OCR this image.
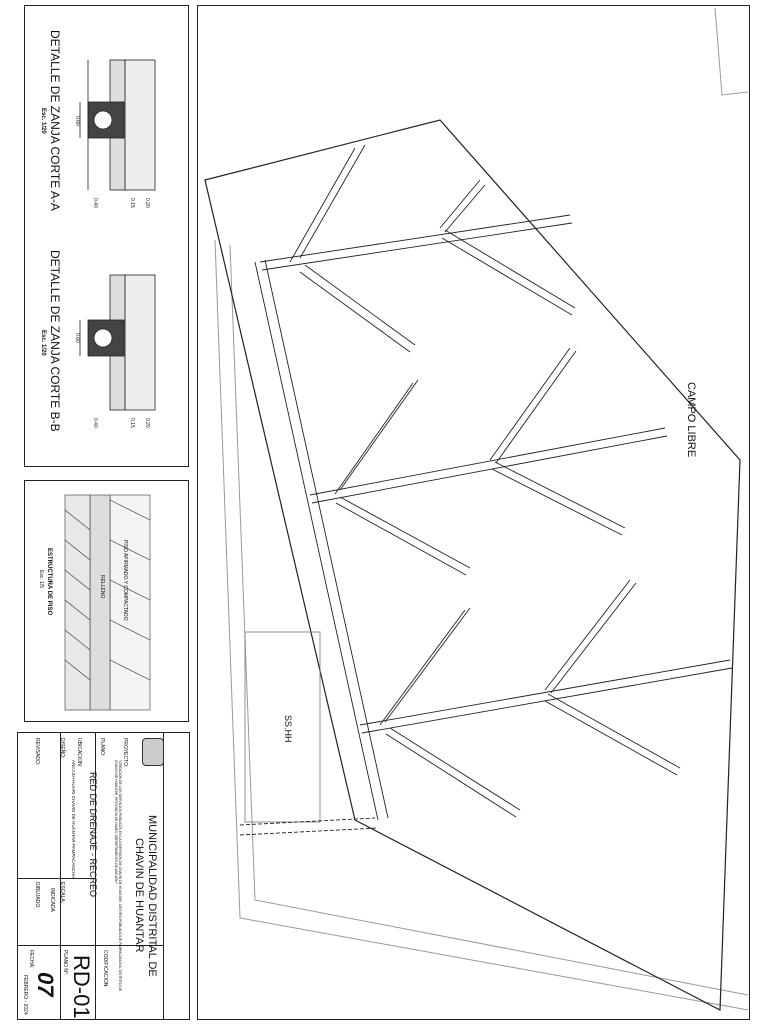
DETALLE DE ZANJA CORTE A-A
Esc. 1/20
DETALLE DE ZANJA CORTE B-B
Esc. 1/20
0.40	0.15 0.20
0.60
0.40	0.15 0.20
0.60
ESTRUCTURA DE PISO
Esc. 1/5	PISO AFIRMADO Y COMPACTADO
RELLENO
CAMPO LIBRE
SS.HH
MUNICIPALIDAD DISTRITAL DE
CHAVIN DE HUANTAR
PROYECTO:
"CREACION DE LOS SERVICIOS PUBLICOS EN LA DIVERSION DE CHAVIN DE HUANTAR, CENTRO POBLADO DE PAMPACANCHA, DISTRITO DE CHAVIN DE HUANTAR, PROVINCIA DE HUARI, DEPARTAMENTO DE ANCASH"
PLANO:
RED DE DRENAJE - RECREO
UBICACION:
ANCASH-HUARI-CHAVIN DE HUANTAR-PAMPACANCHA
DISEÑO:
REVISADO:
ESCALA:
INDICADA
DIBUJADO:
CODIFICACION:
RD-01
PLANO N°:
07
FECHA:
FEBRERO - 2024
